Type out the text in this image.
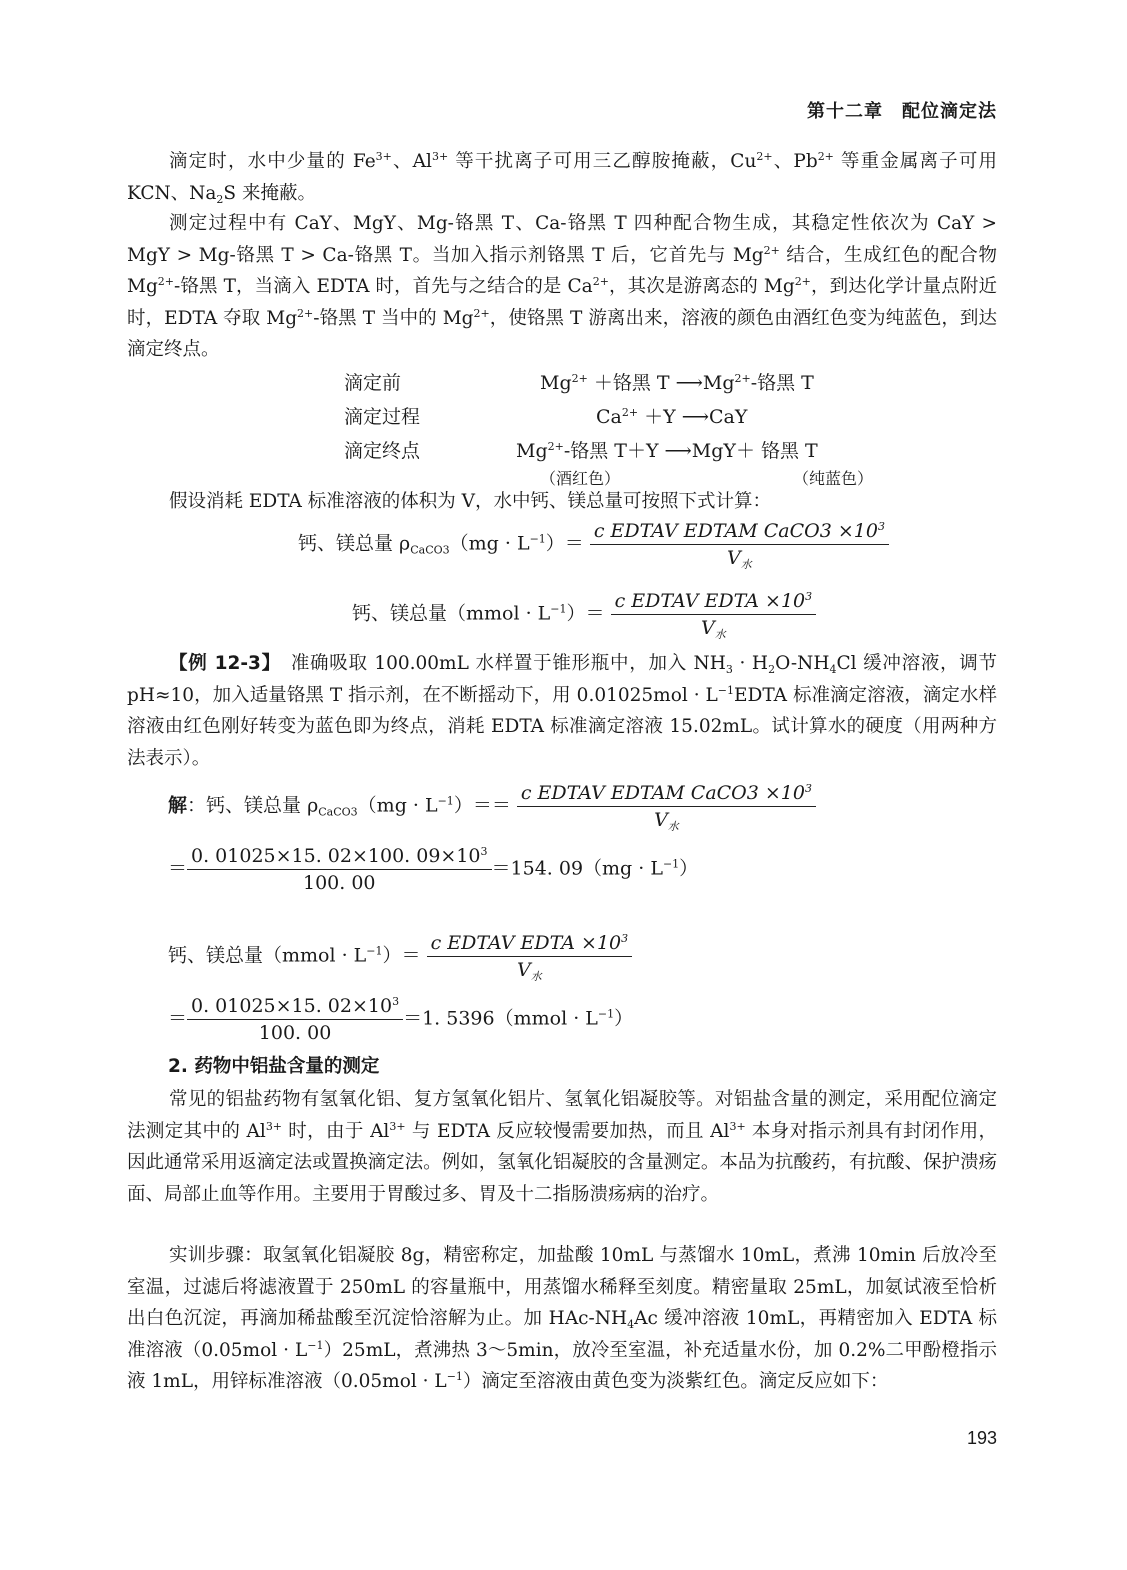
第十二章　配位滴定法
滴定时，水中少量的 $Fe^{3+}$、$Al^{3+}$ 等干扰离子可用三乙醇胺掩蔽，$Cu^{2+}$、$Pb^{2+}$ 等重金属离子可用 KCN、$Na_2S$ 来掩蔽。
测定过程中有 CaY、MgY、Mg-铬黑 T、Ca-铬黑 T 四种配合物生成，其稳定性依次为 CaY > MgY > Mg-铬黑 T > Ca-铬黑 T。当加入指示剂铬黑 T 后，它首先与 $Mg^{2+}$ 结合，生成红色的配合物 $Mg^{2+}-$铬黑 T，当滴入 EDTA 时，首先与之结合的是 $Ca^{2+}$，其次是游离态的 $Mg^{2+}$，到达化学计量点附近时，EDTA 夺取 $Mg^{2+}-$铬黑 T 当中的 $Mg^{2+}$，使铬黑 T 游离出来，溶液的颜色由酒红色变为纯蓝色，到达滴定终点。
滴定前	$Mg^{2+}$ ＋铬黑 T $⟶Mg^{2+}-$铬黑 T
滴定过程	$Ca^{2+} +Y$ ⟶CaY
滴定终点	$Mg^{2+}-$铬黑 T＋Y ⟶MgY＋ 铬黑 T
（酒红色）	（纯蓝色）
假设消耗 EDTA 标准溶液的体积为 V，水中钙、镁总量可按照下式计算：
钙、镁总量 $\rho_{CaCO3}(mg \cdot L^{-1})= \frac{c EDTAV EDTAM CaCO3 \times 10^3}{V_水}$
钙、镁总量（mmol · $L^{-1})= \frac{c EDTAV EDTA \times 10^3}{V_水}$
【例 12-3】　准确吸取 100.00mL 水样置于锥形瓶中，加入 $NH_3 \cdot H_2O-NH_4Cl$ 缓冲溶液，调节 pH≈10，加入适量铬黑 T 指示剂，在不断摇动下，用 $0.01025mol \cdot L^{-1}EDTA$ 标准滴定溶液，滴定水样溶液由红色刚好转变为蓝色即为终点，消耗 EDTA 标准滴定溶液 15.02mL。试计算水的硬度（用两种方法表示）。
解：钙、镁总量 $\rho_{CaCO3}(mg \cdot L^{-1})== \frac{c EDTAV EDTAM CaCO3 \times 10^3}{V_水}$
＝ $\frac{0. 01025\times 15. 02\times 100. 09\times 10^3}{100. 00} =154$. $09(mg \cdot L^{-1})$
钙、镁总量（mmol · $L^{-1})= \frac{c EDTAV EDTA \times 10^3}{V_水}$
＝ $\frac{0. 01025\times 15. 02\times 10^3}{100. 00} =1$. 5396（mmol · $L^{-1}$）
2. 药物中铝盐含量的测定
常见的铝盐药物有氢氧化铝、复方氢氧化铝片、氢氧化铝凝胶等。对铝盐含量的测定，采用配位滴定法测定其中的 $Al^{3+}$ 时，由于 $Al^{3+}$ 与 EDTA 反应较慢需要加热，而且 $Al^{3+}$ 本身对指示剂具有封闭作用，因此通常采用返滴定法或置换滴定法。例如，氢氧化铝凝胶的含量测定。本品为抗酸药，有抗酸、保护溃疡面、局部止血等作用。主要用于胃酸过多、胃及十二指肠溃疡病的治疗。
实训步骤：取氢氧化铝凝胶 8g，精密称定，加盐酸 10mL 与蒸馏水 10mL，煮沸 10min 后放冷至室温，过滤后将滤液置于 250mL 的容量瓶中，用蒸馏水稀释至刻度。精密量取 25mL，加氨试液至恰析出白色沉淀，再滴加稀盐酸至沉淀恰溶解为止。加 HAc-$NH_4Ac$ 缓冲溶液 10mL，再精密加入 EDTA 标准溶液$(0.05mol \cdot L^{-1})25mL$，煮沸热 3～5min，放冷至室温，补充适量水份，加 0.2%二甲酚橙指示液 1mL，用锌标准溶液$(0.05mol \cdot L^{-1})$滴定至溶液由黄色变为淡紫红色。滴定反应如下：
193
